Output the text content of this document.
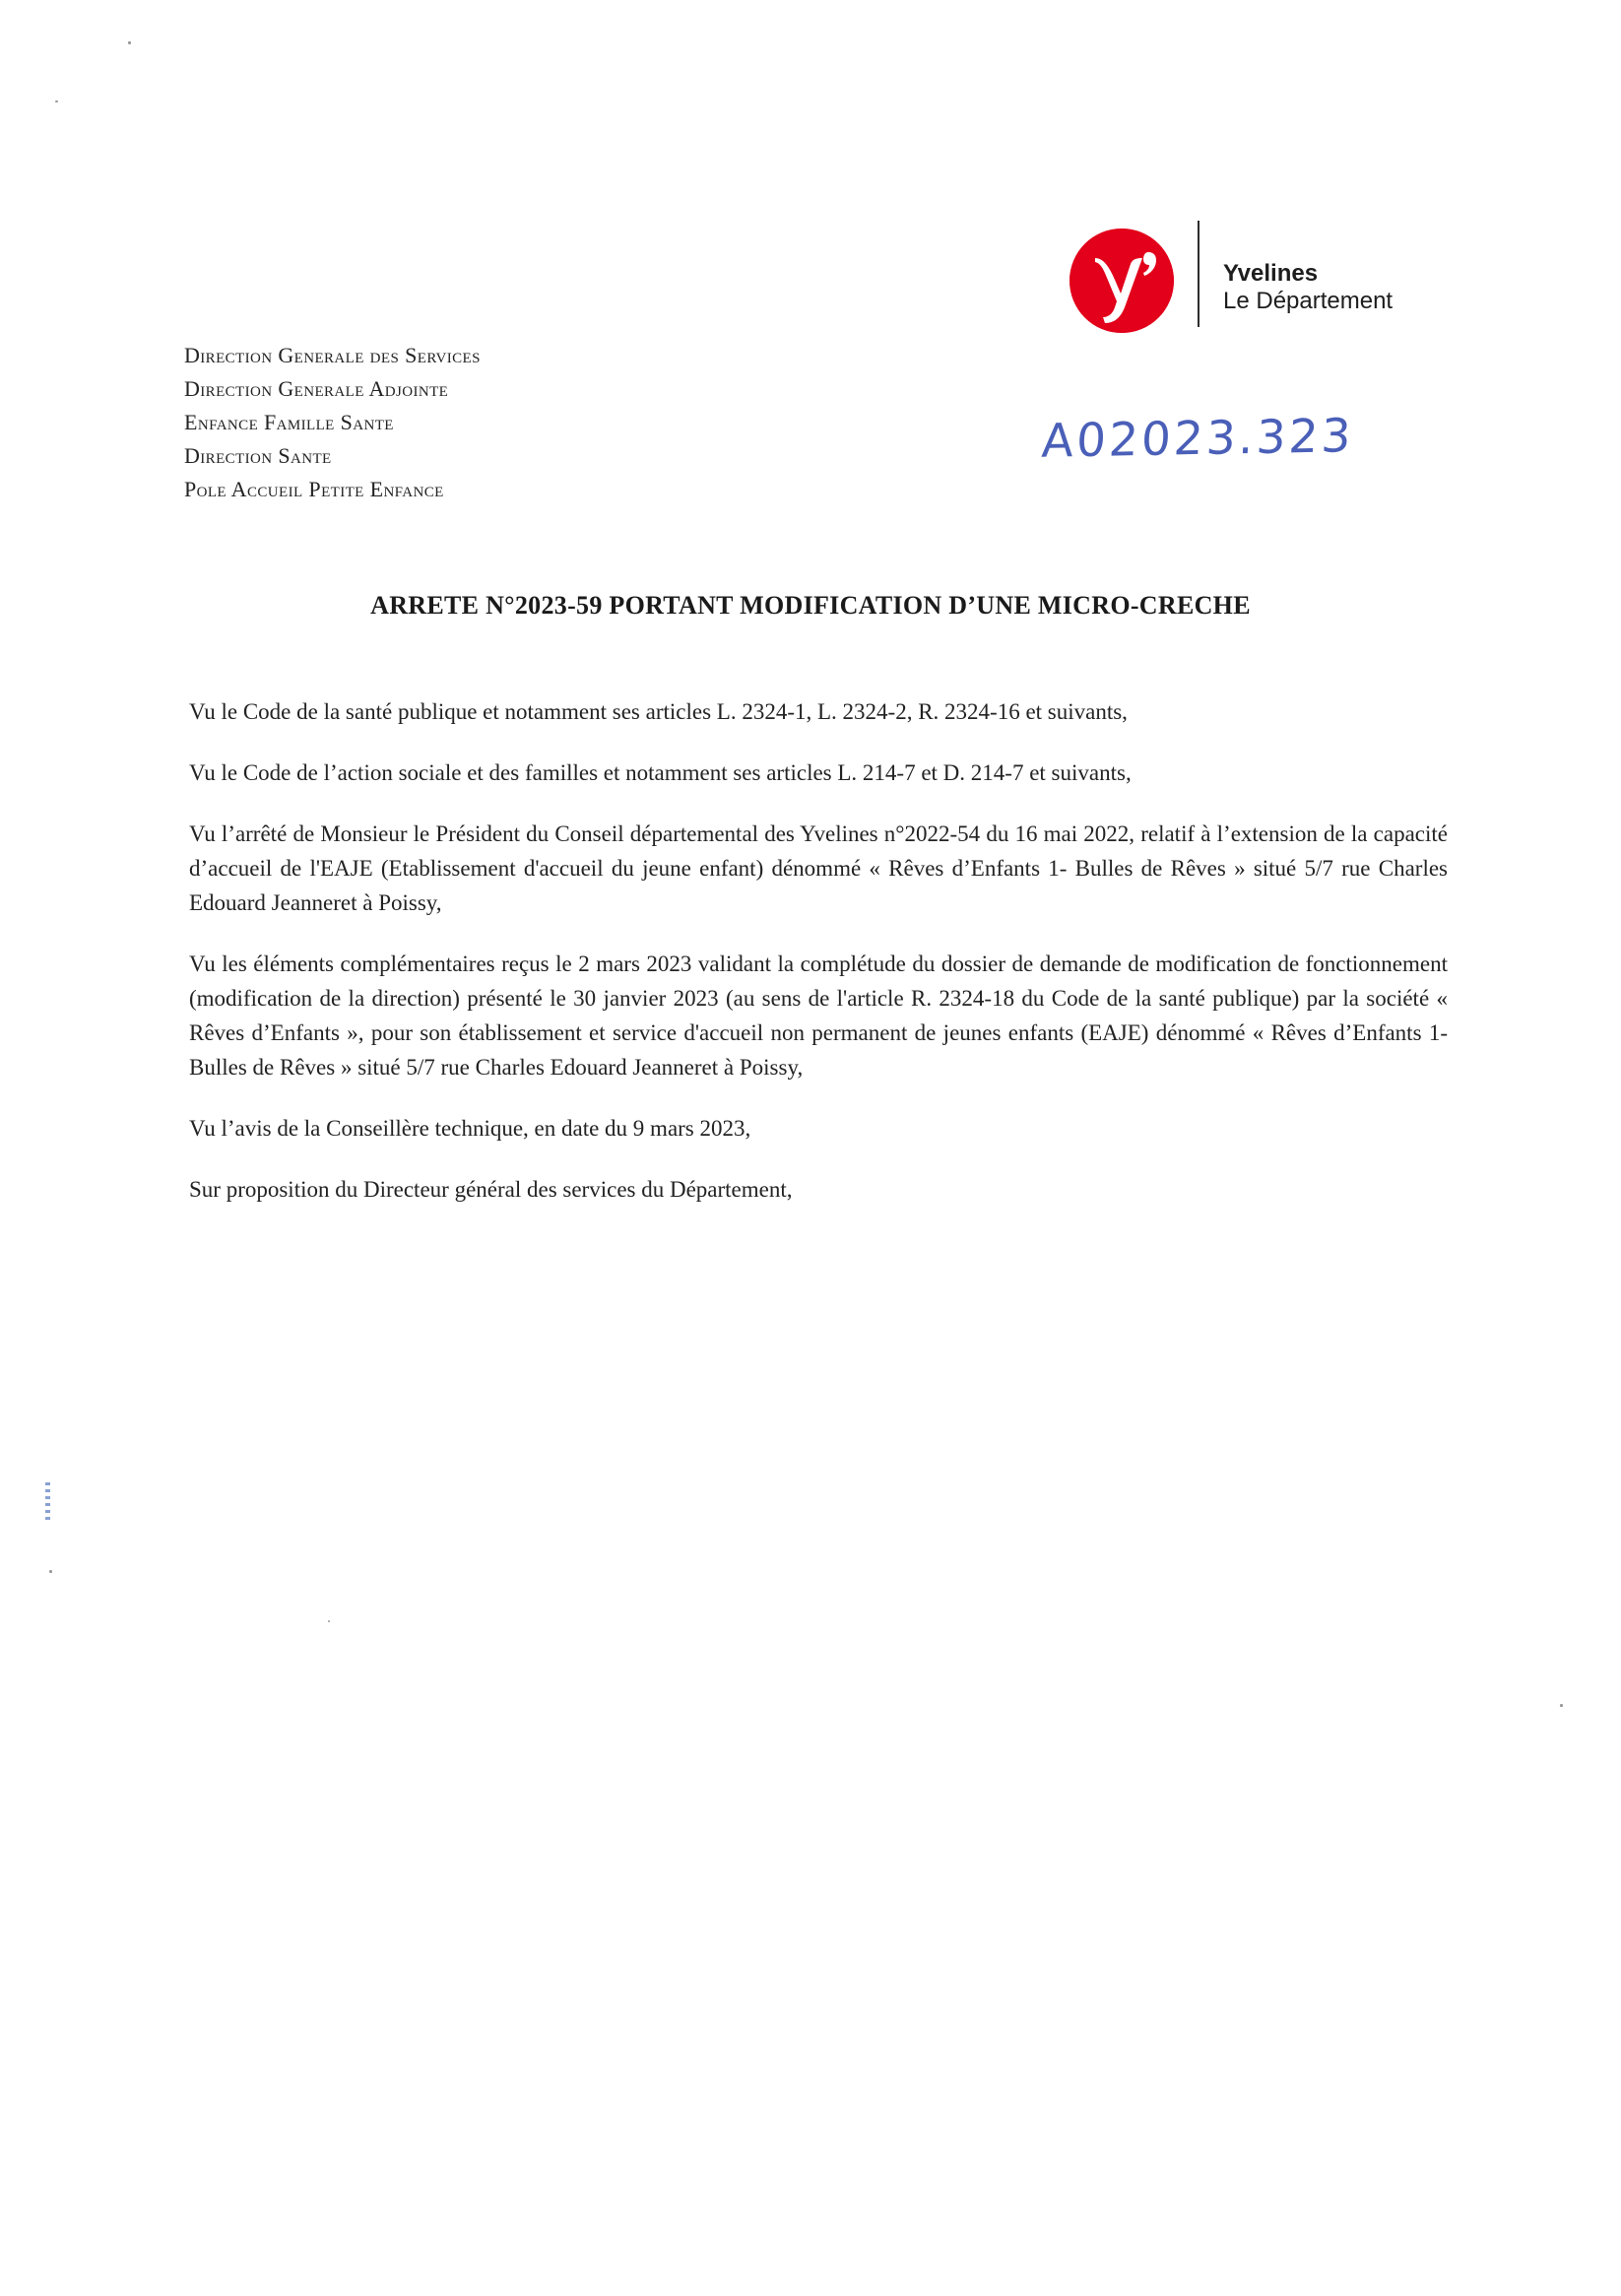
Yvelines
Le Département
Direction Generale des Services
Direction Generale Adjointe
Enfance Famille Sante
Direction Sante
Pole Accueil Petite Enfance
A02023.323
ARRETE N°2023-59 PORTANT MODIFICATION D’UNE MICRO-CRECHE

Vu le Code de la santé publique et notamment ses articles L. 2324-1, L. 2324-2, R. 2324-16 et suivants,

Vu le Code de l’action sociale et des familles et notamment ses articles L. 214-7 et D. 214-7 et suivants,

Vu l’arrêté de Monsieur le Président du Conseil départemental des Yvelines n°2022-54 du 16 mai 2022, relatif à l’extension de la capacité d’accueil de l'EAJE (Etablissement d'accueil du jeune enfant) dénommé « Rêves d’Enfants 1- Bulles de Rêves » situé 5/7 rue Charles Edouard Jeanneret à Poissy,

Vu les éléments complémentaires reçus le 2 mars 2023 validant la complétude du dossier de demande de modification de fonctionnement (modification de la direction) présenté le 30 janvier 2023 (au sens de l'article R. 2324-18 du Code de la santé publique) par la société « Rêves d’Enfants », pour son établissement et service d'accueil non permanent de jeunes enfants (EAJE) dénommé « Rêves d’Enfants 1- Bulles de Rêves » situé 5/7 rue Charles Edouard Jeanneret à Poissy,

Vu l’avis de la Conseillère technique, en date du 9 mars 2023,

Sur proposition du Directeur général des services du Département,
